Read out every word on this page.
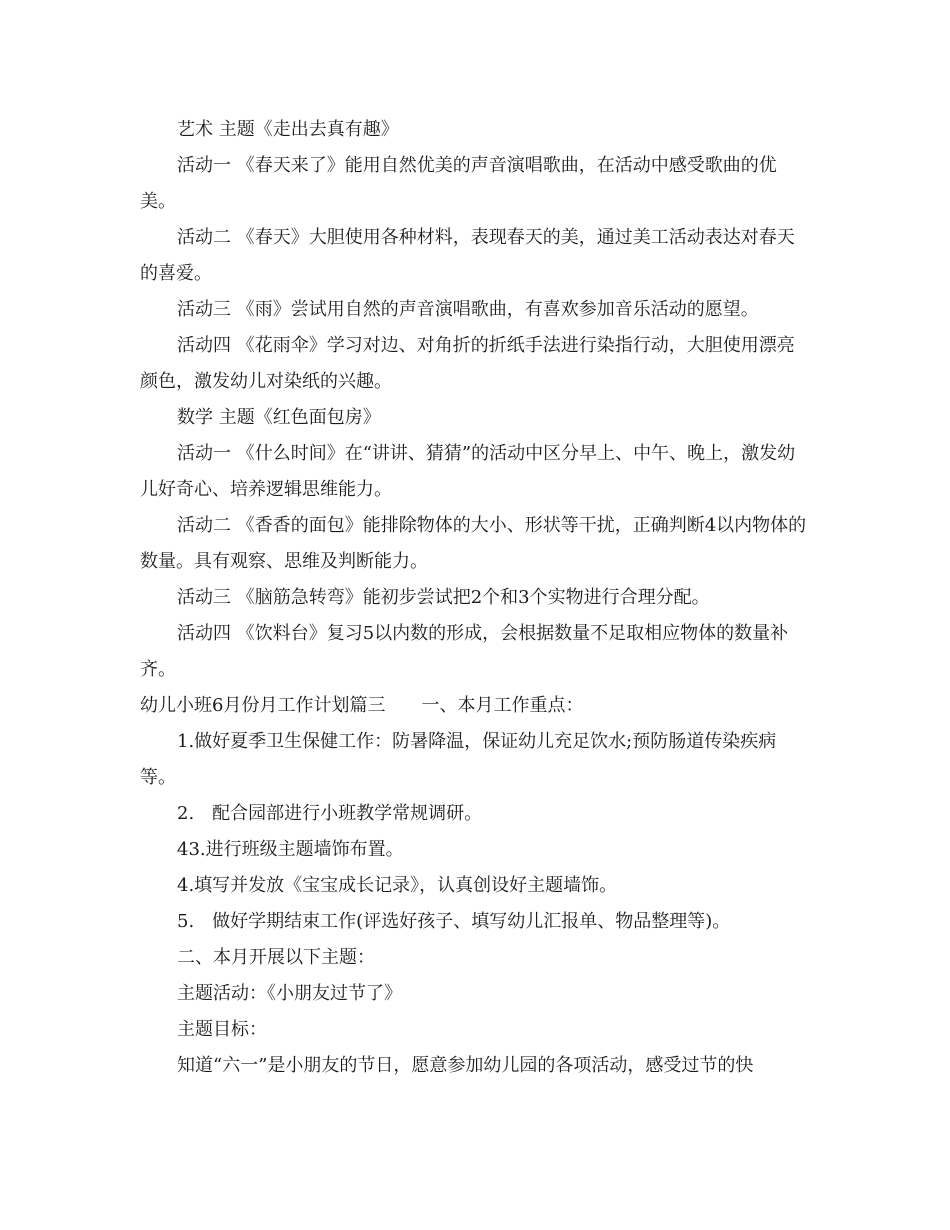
艺术 主题《走出去真有趣》

活动一 《春天来了》能用自然优美的声音演唱歌曲，在活动中感受歌曲的优美。

活动二 《春天》大胆使用各种材料，表现春天的美，通过美工活动表达对春天的喜爱。

活动三 《雨》尝试用自然的声音演唱歌曲，有喜欢参加音乐活动的愿望。

活动四 《花雨伞》学习对边、对角折的折纸手法进行染指行动，大胆使用漂亮颜色，激发幼儿对染纸的兴趣。

数学 主题《红色面包房》

活动一 《什么时间》在“讲讲、猜猜”的活动中区分早上、中午、晚上，激发幼儿好奇心、培养逻辑思维能力。

活动二 《香香的面包》能排除物体的大小、形状等干扰，正确判断4以内物体的数量。具有观察、思维及判断能力。

活动三 《脑筋急转弯》能初步尝试把2个和3个实物进行合理分配。

活动四 《饮料台》复习5以内数的形成，会根据数量不足取相应物体的数量补齐。

幼儿小班6月份月工作计划篇三　　一、本月工作重点：

1.做好夏季卫生保健工作：防暑降温，保证幼儿充足饮水;预防肠道传染疾病等。

2.　配合园部进行小班教学常规调研。

43.进行班级主题墙饰布置。

4.填写并发放《宝宝成长记录》，认真创设好主题墙饰。

5.　做好学期结束工作(评选好孩子、填写幼儿汇报单、物品整理等)。

二、本月开展以下主题：

主题活动：《小朋友过节了》

主题目标：

知道“六一”是小朋友的节日，愿意参加幼儿园的各项活动，感受过节的快
